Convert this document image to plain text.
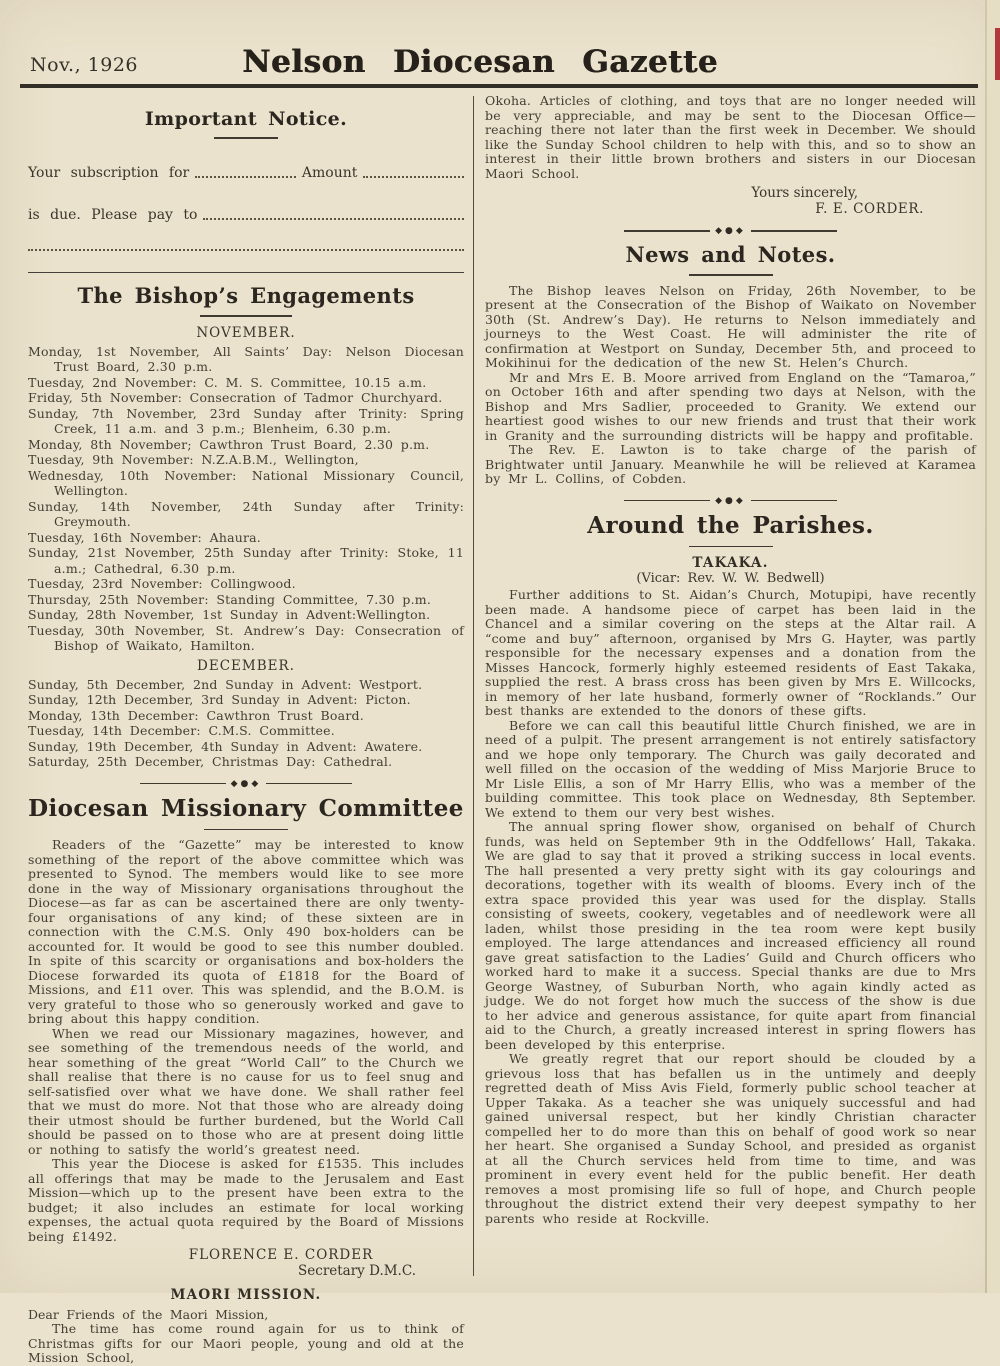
Nov., 1926	Nelson Diocesan Gazette
Important Notice.
Your subscription for	Amount
is due. Please pay to
The Bishop’s Engagements
NOVEMBER.
Monday, 1st November, All Saints’ Day: Nelson Diocesan Trust Board, 2.30 p.m.
Tuesday, 2nd November: C. M. S. Committee, 10.15 a.m.
Friday, 5th November: Consecration of Tadmor Churchyard.
Sunday, 7th November, 23rd Sunday after Trinity: Spring Creek, 11 a.m. and 3 p.m.; Blenheim, 6.30 p.m.
Monday, 8th November; Cawthron Trust Board, 2.30 p.m.
Tuesday, 9th November: N.Z.A.B.M., Wellington,
Wednesday, 10th November: National Missionary Council, Wellington.
Sunday, 14th November, 24th Sunday after Trinity: Greymouth.
Tuesday, 16th November: Ahaura.
Sunday, 21st November, 25th Sunday after Trinity: Stoke, 11 a.m.; Cathedral, 6.30 p.m.
Tuesday, 23rd November: Collingwood.
Thursday, 25th November: Standing Committee, 7.30 p.m.
Sunday, 28th November, 1st Sunday in Advent:Wellington.
Tuesday, 30th November, St. Andrew’s Day: Consecration of Bishop of Waikato, Hamilton.
DECEMBER.
Sunday, 5th December, 2nd Sunday in Advent: Westport.
Sunday, 12th December, 3rd Sunday in Advent: Picton.
Monday, 13th December: Cawthron Trust Board.
Tuesday, 14th December: C.M.S. Committee.
Sunday, 19th December, 4th Sunday in Advent: Awatere.
Saturday, 25th December, Christmas Day: Cathedral.
◆●◆
Diocesan Missionary Committee

Readers of the “Gazette” may be interested to know something of the report of the above committee which was presented to Synod. The members would like to see more done in the way of Missionary organisations throughout the Diocese—as far as can be ascertained there are only twenty-four organisations of any kind; of these sixteen are in connection with the C.M.S. Only 490 box-holders can be accounted for. It would be good to see this number doubled. In spite of this scarcity or organisations and box-holders the Diocese forwarded its quota of £1818 for the Board of Missions, and £11 over. This was splendid, and the B.O.M. is very grateful to those who so generously worked and gave to bring about this happy condition.

When we read our Missionary magazines, however, and see something of the tremendous needs of the world, and hear something of the great “World Call” to the Church we shall realise that there is no cause for us to feel snug and self-satisfied over what we have done. We shall rather feel that we must do more. Not that those who are already doing their utmost should be further burdened, but the World Call should be passed on to those who are at present doing little or nothing to satisfy the world’s greatest need.

This year the Diocese is asked for £1535. This includes all offerings that may be made to the Jerusalem and East Mission—which up to the present have been extra to the budget; it also includes an estimate for local working expenses, the actual quota required by the Board of Missions being £1492.

FLORENCE E. CORDER
Secretary D.M.C.
MAORI MISSION.
Dear Friends of the Maori Mission,

The time has come round again for us to think of Christmas gifts for our Maori people, young and old at the Mission School,

Okoha. Articles of clothing, and toys that are no longer needed will be very appreciable, and may be sent to the Diocesan Office—reaching there not later than the first week in December. We should like the Sunday School children to help with this, and so to show an interest in their little brown brothers and sisters in our Diocesan Maori School.

Yours sincerely,
F. E. CORDER.
◆●◆
News and Notes.

The Bishop leaves Nelson on Friday, 26th November, to be present at the Consecration of the Bishop of Waikato on November 30th (St. Andrew’s Day). He returns to Nelson immediately and journeys to the West Coast. He will administer the rite of confirmation at Westport on Sunday, December 5th, and proceed to Mokihinui for the dedication of the new St. Helen’s Church.

Mr and Mrs E. B. Moore arrived from England on the “Tamaroa,” on October 16th and after spending two days at Nelson, with the Bishop and Mrs Sadlier, proceeded to Granity. We extend our heartiest good wishes to our new friends and trust that their work in Granity and the surrounding districts will be happy and profitable.

The Rev. E. Lawton is to take charge of the parish of Brightwater until January. Meanwhile he will be relieved at Karamea by Mr L. Collins, of Cobden.

◆●◆
Around the Parishes.
TAKAKA.
(Vicar: Rev. W. W. Bedwell)

Further additions to St. Aidan’s Church, Motupipi, have recently been made. A handsome piece of carpet has been laid in the Chancel and a similar covering on the steps at the Altar rail. A “come and buy” afternoon, organised by Mrs G. Hayter, was partly responsible for the necessary expenses and a donation from the Misses Hancock, formerly highly esteemed residents of East Takaka, supplied the rest. A brass cross has been given by Mrs E. Willcocks, in memory of her late husband, formerly owner of “Rocklands.” Our best thanks are extended to the donors of these gifts.

Before we can call this beautiful little Church finished, we are in need of a pulpit. The present arrangement is not entirely satisfactory and we hope only temporary. The Church was gaily decorated and well filled on the occasion of the wedding of Miss Marjorie Bruce to Mr Lisle Ellis, a son of Mr Harry Ellis, who was a member of the building committee. This took place on Wednesday, 8th September. We extend to them our very best wishes.

The annual spring flower show, organised on behalf of Church funds, was held on September 9th in the Oddfellows’ Hall, Takaka. We are glad to say that it proved a striking success in local events. The hall presented a very pretty sight with its gay colourings and decorations, together with its wealth of blooms. Every inch of the extra space provided this year was used for the display. Stalls consisting of sweets, cookery, vegetables and of needlework were all laden, whilst those presiding in the tea room were kept busily employed. The large attendances and increased efficiency all round gave great satisfaction to the Ladies’ Guild and Church officers who worked hard to make it a success. Special thanks are due to Mrs George Wastney, of Suburban North, who again kindly acted as judge. We do not forget how much the success of the show is due to her advice and generous assistance, for quite apart from financial aid to the Church, a greatly increased interest in spring flowers has been developed by this enterprise.

We greatly regret that our report should be clouded by a grievous loss that has befallen us in the untimely and deeply regretted death of Miss Avis Field, formerly public school teacher at Upper Takaka. As a teacher she was uniquely successful and had gained universal respect, but her kindly Christian character compelled her to do more than this on behalf of good work so near her heart. She organised a Sunday School, and presided as organist at all the Church services held from time to time, and was prominent in every event held for the public benefit. Her death removes a most promising life so full of hope, and Church people throughout the district extend their very deepest sympathy to her parents who reside at Rockville.
